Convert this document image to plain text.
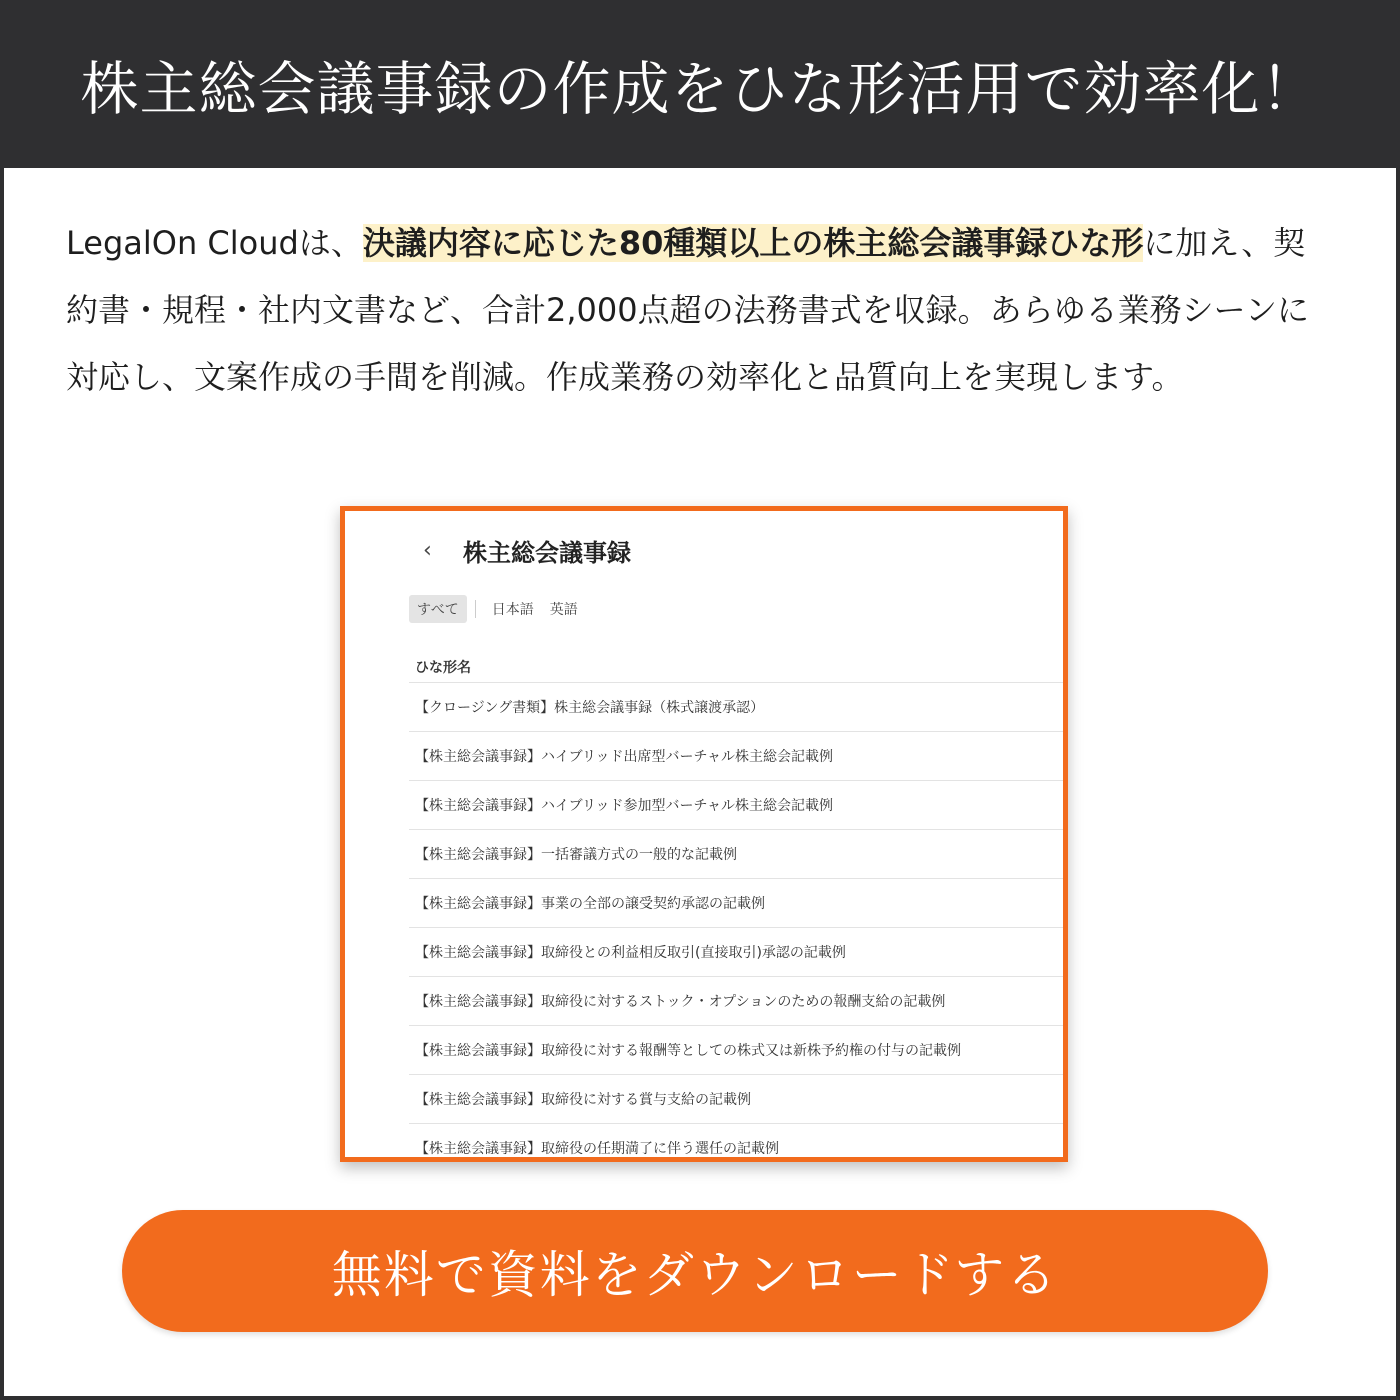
株主総会議事録の作成をひな形活用で効率化！

LegalOn Cloudは、決議内容に応じた80種類以上の株主総会議事録ひな形に加え、契約書・規程・社内文書など、合計2,000点超の法務書式を収録。あらゆる業務シーンに対応し、文案作成の手間を削減。作成業務の効率化と品質向上を実現します。

‹	株主総会議事録
すべて	日本語	英語
ひな形名
【クロージング書類】株主総会議事録（株式譲渡承認）
【株主総会議事録】ハイブリッド出席型バーチャル株主総会記載例
【株主総会議事録】ハイブリッド参加型バーチャル株主総会記載例
【株主総会議事録】一括審議方式の一般的な記載例
【株主総会議事録】事業の全部の譲受契約承認の記載例
【株主総会議事録】取締役との利益相反取引(直接取引)承認の記載例
【株主総会議事録】取締役に対するストック・オプションのための報酬支給の記載例
【株主総会議事録】取締役に対する報酬等としての株式又は新株予約権の付与の記載例
【株主総会議事録】取締役に対する賞与支給の記載例
【株主総会議事録】取締役の任期満了に伴う選任の記載例
無料で資料をダウンロードする
